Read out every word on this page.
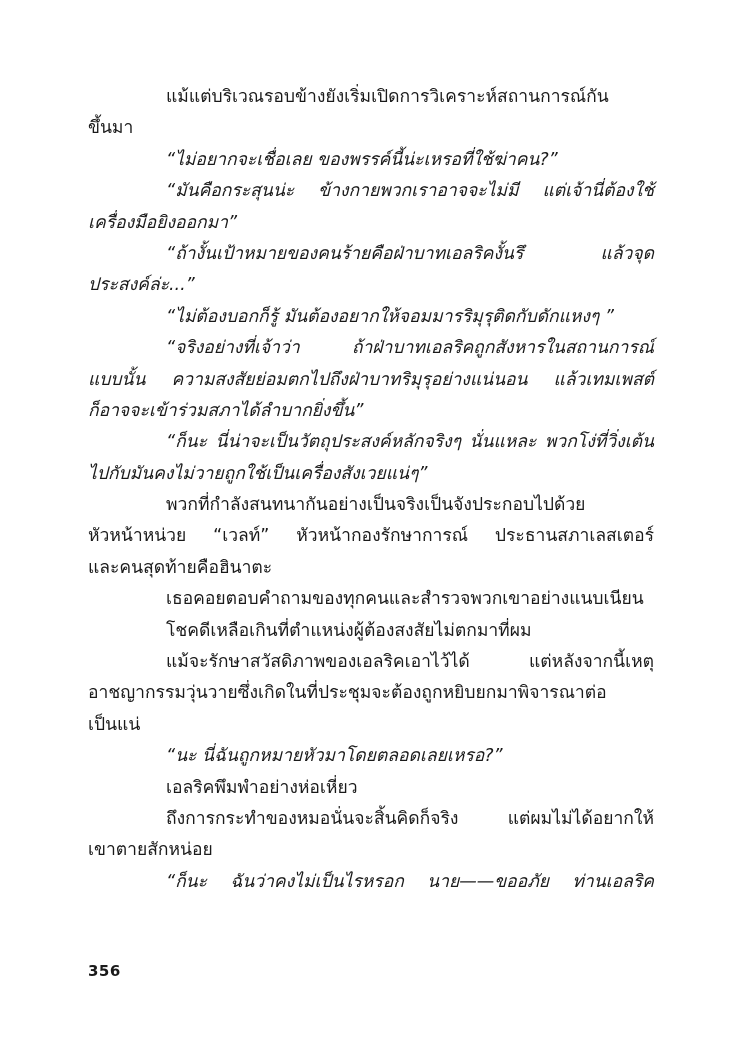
แม้แต่บริเวณรอบข้างยังเริ่มเปิดการวิเคราะห์สถานการณ์กัน
ขึ้นมา
“ไม่อยากจะเชื่อเลย ของพรรค์นี้น่ะเหรอที่ใช้ฆ่าคน?”
“มันคือกระสุนน่ะ ข้างกายพวกเราอาจจะไม่มี แต่เจ้านี่ต้องใช้
เครื่องมือยิงออกมา”
“ถ้างั้นเป้าหมายของคนร้ายคือฝ่าบาทเอลริคงั้นรึ แล้วจุด
ประสงค์ล่ะ...”
“ไม่ต้องบอกก็รู้ มันต้องอยากให้จอมมารริมุรุติดกับดักแหงๆ ”
“จริงอย่างที่เจ้าว่า ถ้าฝ่าบาทเอลริคถูกสังหารในสถานการณ์
แบบนั้น ความสงสัยย่อมตกไปถึงฝ่าบาทริมุรุอย่างแน่นอน แล้วเทมเพสต์
ก็อาจจะเข้าร่วมสภาได้ลำบากยิ่งขึ้น”
“ก็นะ นี่น่าจะเป็นวัตถุประสงค์หลักจริงๆ นั่นแหละ พวกโง่ที่วิ่งเต้น
ไปกับมันคงไม่วายถูกใช้เป็นเครื่องสังเวยแน่ๆ”
พวกที่กำลังสนทนากันอย่างเป็นจริงเป็นจังประกอบไปด้วย
หัวหน้าหน่วย “เวลท์” หัวหน้ากองรักษาการณ์ ประธานสภาเลสเตอร์
และคนสุดท้ายคือฮินาตะ
เธอคอยตอบคำถามของทุกคนและสำรวจพวกเขาอย่างแนบเนียน
โชคดีเหลือเกินที่ตำแหน่งผู้ต้องสงสัยไม่ตกมาที่ผม
แม้จะรักษาสวัสดิภาพของเอลริคเอาไว้ได้ แต่หลังจากนี้เหตุ
อาชญากรรมวุ่นวายซึ่งเกิดในที่ประชุมจะต้องถูกหยิบยกมาพิจารณาต่อ
เป็นแน่
“นะ นี่ฉันถูกหมายหัวมาโดยตลอดเลยเหรอ?”
เอลริคพึมพำอย่างห่อเหี่ยว
ถึงการกระทำของหมอนั่นจะสิ้นคิดก็จริง แต่ผมไม่ได้อยากให้
เขาตายสักหน่อย
“ก็นะ ฉันว่าคงไม่เป็นไรหรอก นาย——ขออภัย ท่านเอลริค
356
